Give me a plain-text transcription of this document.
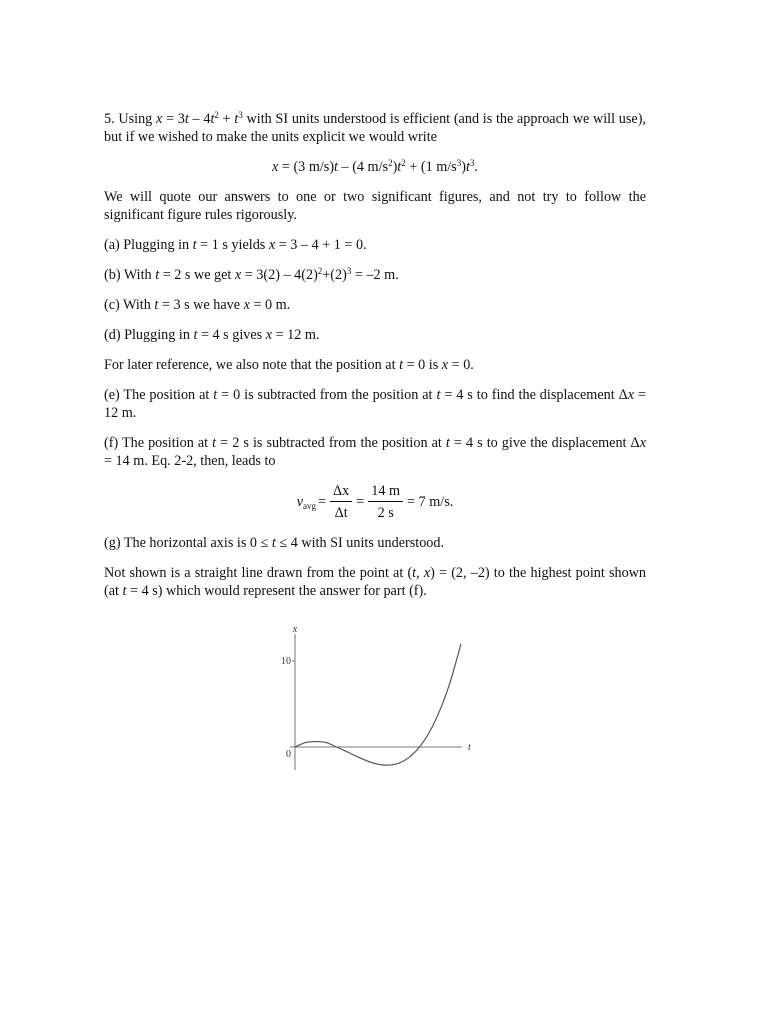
5. Using $x = 3t - 4t^2 + t^3$ with SI units understood is efficient (and is the approach we will use), but if we wished to make the units explicit we would write

x = (3 m/s)t – (4 $m/s^2)t^2 + (1$ $m/s^3)t^3$.

We will quote our answers to one or two significant figures, and not try to follow the significant figure rules rigorously.

(a) Plugging in t = 1 s yields x = 3 – 4 + 1 = 0.

(b) With t = 2 s we get $x = 3(2) - 4(2)^2+(2)^3 = -2$ m.

(c) With t = 3 s we have x = 0 m.

(d) Plugging in t = 4 s gives x = 12 m.

For later reference, we also note that the position at t = 0 is x = 0.

(e) The position at t = 0 is subtracted from the position at t = 4 s to find the displacement Δx = 12 m.

(f) The position at t = 2 s is subtracted from the position at t = 4 s to give the displacement Δx = 14 m. Eq. 2-2, then, leads to

$v_{avg} = \frac{\Delta x}{\Delta t} = \frac{14 m}{2 s} = 7$ m/s.

(g) The horizontal axis is 0 ≤ t ≤ 4 with SI units understood.

Not shown is a straight line drawn from the point at (t, x) = (2, –2) to the highest point shown (at t = 4 s) which would represent the answer for part (f).

x
t
10
0
